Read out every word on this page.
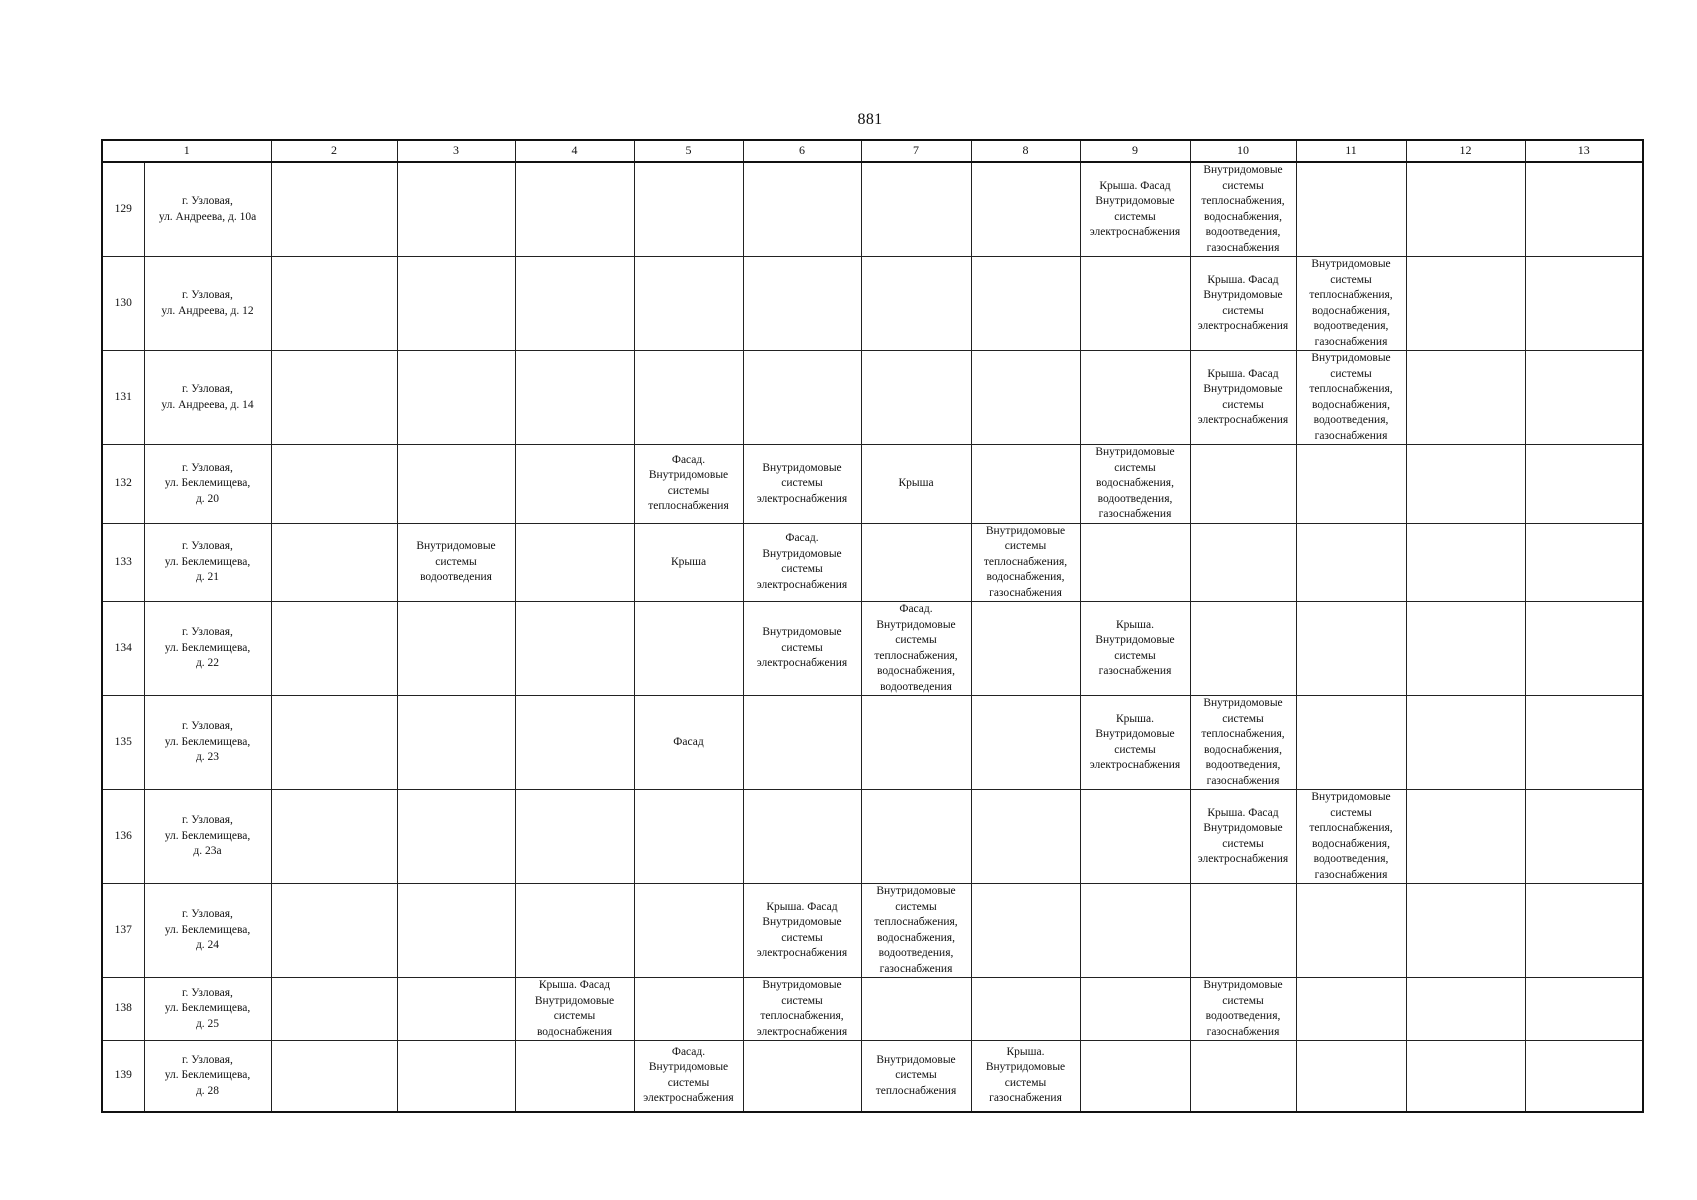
881
1		2	3	4	5	6	7	8	9	10	11	12	13
129	г. Узловая,
ул. Андреева, д. 10а								Крыша. Фасад Внутридомовые системы электроснабжения	Внутридомовые системы теплоснабжения, водоснабжения, водоотведения, газоснабжения			
130	г. Узловая,
ул. Андреева, д. 12									Крыша. Фасад Внутридомовые системы электроснабжения	Внутридомовые системы теплоснабжения, водоснабжения, водоотведения, газоснабжения		
131	г. Узловая,
ул. Андреева, д. 14									Крыша. Фасад Внутридомовые системы электроснабжения	Внутридомовые системы теплоснабжения, водоснабжения, водоотведения, газоснабжения		
132	г. Узловая,
ул. Беклемищева,
д. 20				Фасад. Внутридомовые системы теплоснабжения	Внутридомовые системы электроснабжения	Крыша		Внутридомовые системы водоснабжения, водоотведения, газоснабжения				
133	г. Узловая,
ул. Беклемищева,
д. 21		Внутридомовые системы водоотведения		Крыша	Фасад. Внутридомовые системы электроснабжения		Внутридомовые системы теплоснабжения, водоснабжения, газоснабжения					
134	г. Узловая,
ул. Беклемищева,
д. 22					Внутридомовые системы электроснабжения	Фасад. Внутридомовые системы теплоснабжения, водоснабжения, водоотведения		Крыша. Внутридомовые системы газоснабжения				
135	г. Узловая,
ул. Беклемищева,
д. 23				Фасад				Крыша. Внутридомовые системы электроснабжения	Внутридомовые системы теплоснабжения, водоснабжения, водоотведения, газоснабжения			
136	г. Узловая,
ул. Беклемищева,
д. 23а									Крыша. Фасад Внутридомовые системы электроснабжения	Внутридомовые системы теплоснабжения, водоснабжения, водоотведения, газоснабжения		
137	г. Узловая,
ул. Беклемищева,
д. 24					Крыша. Фасад Внутридомовые системы электроснабжения	Внутридомовые системы теплоснабжения, водоснабжения, водоотведения, газоснабжения						
138	г. Узловая,
ул. Беклемищева,
д. 25			Крыша. Фасад Внутридомовые системы водоснабжения		Внутридомовые системы теплоснабжения, электроснабжения				Внутридомовые системы водоотведения, газоснабжения			
139	г. Узловая,
ул. Беклемищева,
д. 28				Фасад. Внутридомовые системы электроснабжения		Внутридомовые системы теплоснабжения	Крыша. Внутридомовые системы газоснабжения					
